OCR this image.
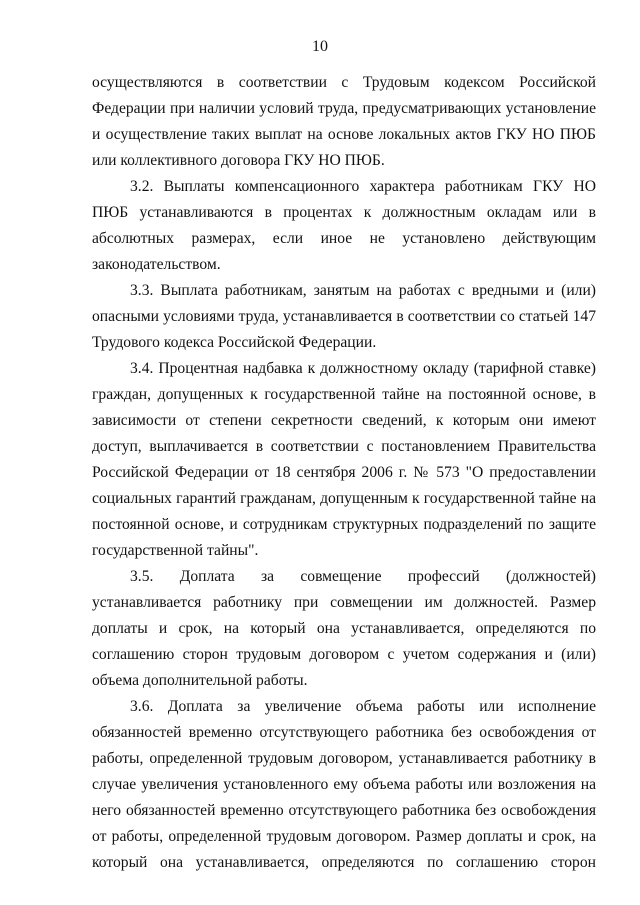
10

осуществляются в соответствии с Трудовым кодексом Российской Федерации при наличии условий труда, предусматривающих установление и осуществление таких выплат на основе локальных актов ГКУ НО ПЮБ или коллективного договора ГКУ НО ПЮБ.

3.2. Выплаты компенсационного характера работникам ГКУ НО ПЮБ устанавливаются в процентах к должностным окладам или в абсолютных размерах, если иное не установлено действующим законодательством.

3.3. Выплата работникам, занятым на работах с вредными и (или) опасными условиями труда, устанавливается в соответствии со статьей 147 Трудового кодекса Российской Федерации.

3.4. Процентная надбавка к должностному окладу (тарифной ставке) граждан, допущенных к государственной тайне на постоянной основе, в зависимости от степени секретности сведений, к которым они имеют доступ, выплачивается в соответствии с постановлением Правительства Российской Федерации от 18 сентября 2006 г. № 573 "О предоставлении социальных гарантий гражданам, допущенным к государственной тайне на постоянной основе, и сотрудникам структурных подразделений по защите государственной тайны".

3.5. Доплата за совмещение профессий (должностей) устанавливается работнику при совмещении им должностей. Размер доплаты и срок, на который она устанавливается, определяются по соглашению сторон трудовым договором с учетом содержания и (или) объема дополнительной работы.

3.6. Доплата за увеличение объема работы или исполнение обязанностей временно отсутствующего работника без освобождения от работы, определенной трудовым договором, устанавливается работнику в случае увеличения установленного ему объема работы или возложения на него обязанностей временно отсутствующего работника без освобождения от работы, определенной трудовым договором. Размер доплаты и срок, на который она устанавливается, определяются по соглашению сторон
